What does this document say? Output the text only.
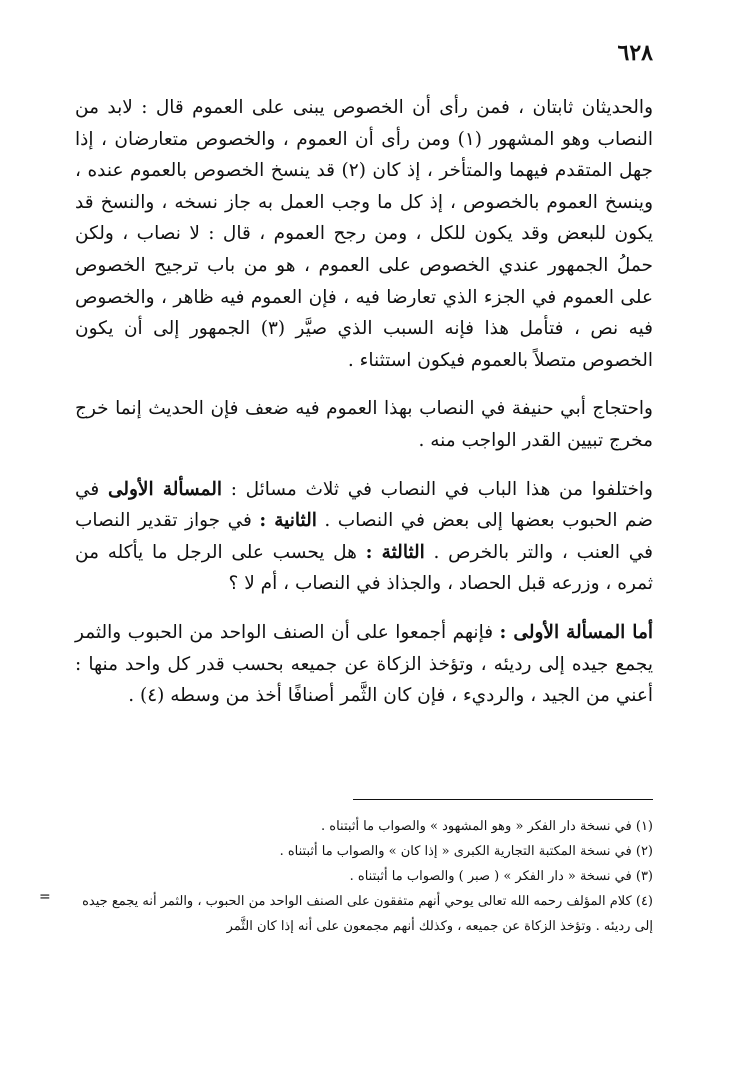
٦٢٨

والحديثان ثابتان ، فمن رأى أن الخصوص يبنى على العموم قال : لابد من النصاب وهو المشهور (١) ومن رأى أن العموم ، والخصوص متعارضان ، إذا جهل المتقدم فيهما والمتأخر ، إذ كان (٢) قد ينسخ الخصوص بالعموم عنده ، وينسخ العموم بالخصوص ، إذ كل ما وجب العمل به جاز نسخه ، والنسخ قد يكون للبعض وقد يكون للكل ، ومن رجح العموم ، قال : لا نصاب ، ولكن حملُ الجمهور عندي الخصوص على العموم ، هو من باب ترجيح الخصوص على العموم في الجزء الذي تعارضا فيه ، فإن العموم فيه ظاهر ، والخصوص فيه نص ، فتأمل هذا فإنه السبب الذي صيَّر (٣) الجمهور إلى أن يكون الخصوص متصلاً بالعموم فيكون استثناء .

واحتجاج أبي حنيفة في النصاب بهذا العموم فيه ضعف فإن الحديث إنما خرج مخرج تبيين القدر الواجب منه .

واختلفوا من هذا الباب في النصاب في ثلاث مسائل : المسألة الأولى في ضم الحبوب بعضها إلى بعض في النصاب . الثانية : في جواز تقدير النصاب في العنب ، والتر بالخرص . الثالثة : هل يحسب على الرجل ما يأكله من ثمره ، وزرعه قبل الحصاد ، والجذاذ في النصاب ، أم لا ؟

أما المسألة الأولى : فإنهم أجمعوا على أن الصنف الواحد من الحبوب والثمر يجمع جيده إلى رديئه ، وتؤخذ الزكاة عن جميعه بحسب قدر كل واحد منها : أعني من الجيد ، والرديء ، فإن كان الثَّمر أصنافًا أخذ من وسطه (٤) .

(١) في نسخة دار الفكر « وهو المشهود » والصواب ما أثبتناه .

(٢) في نسخة المكتبة التجارية الكبرى « إذا كان » والصواب ما أثبتناه .

(٣) في نسخة « دار الفكر » ( صبر ) والصواب ما أثبتناه .

(٤) كلام المؤلف رحمه الله تعالى يوحي أنهم متفقون على الصنف الواحد من الحبوب ، والثمر أنه يجمع جيده إلى رديئه . وتؤخذ الزكاة عن جميعه ، وكذلك أنهم مجمعون على أنه إذا كان الثَّمر

=
